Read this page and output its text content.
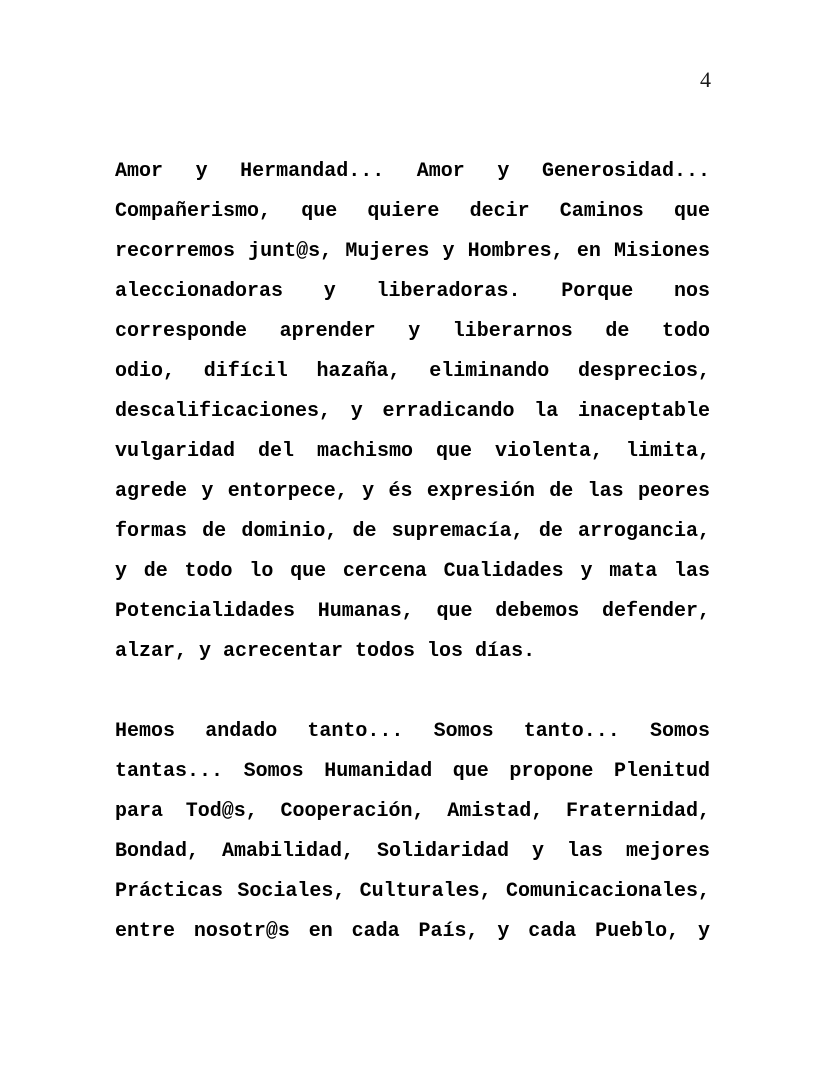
4
Amor y Hermandad... Amor y Generosidad...
Compañerismo, que quiere decir Caminos que
recorremos junt@s, Mujeres y Hombres, en Misiones
aleccionadoras y liberadoras. Porque nos
corresponde aprender y liberarnos de todo
odio, difícil hazaña, eliminando desprecios,
descalificaciones, y erradicando la inaceptable
vulgaridad del machismo que violenta, limita,
agrede y entorpece, y és expresión de las peores
formas de dominio, de supremacía, de arrogancia,
y de todo lo que cercena Cualidades y mata las
Potencialidades Humanas, que debemos defender,
alzar, y acrecentar todos los días.
Hemos andado tanto... Somos tanto... Somos
tantas... Somos Humanidad que propone Plenitud
para Tod@s, Cooperación, Amistad, Fraternidad,
Bondad, Amabilidad, Solidaridad y las mejores
Prácticas Sociales, Culturales, Comunicacionales,
entre nosotr@s en cada País, y cada Pueblo, y
